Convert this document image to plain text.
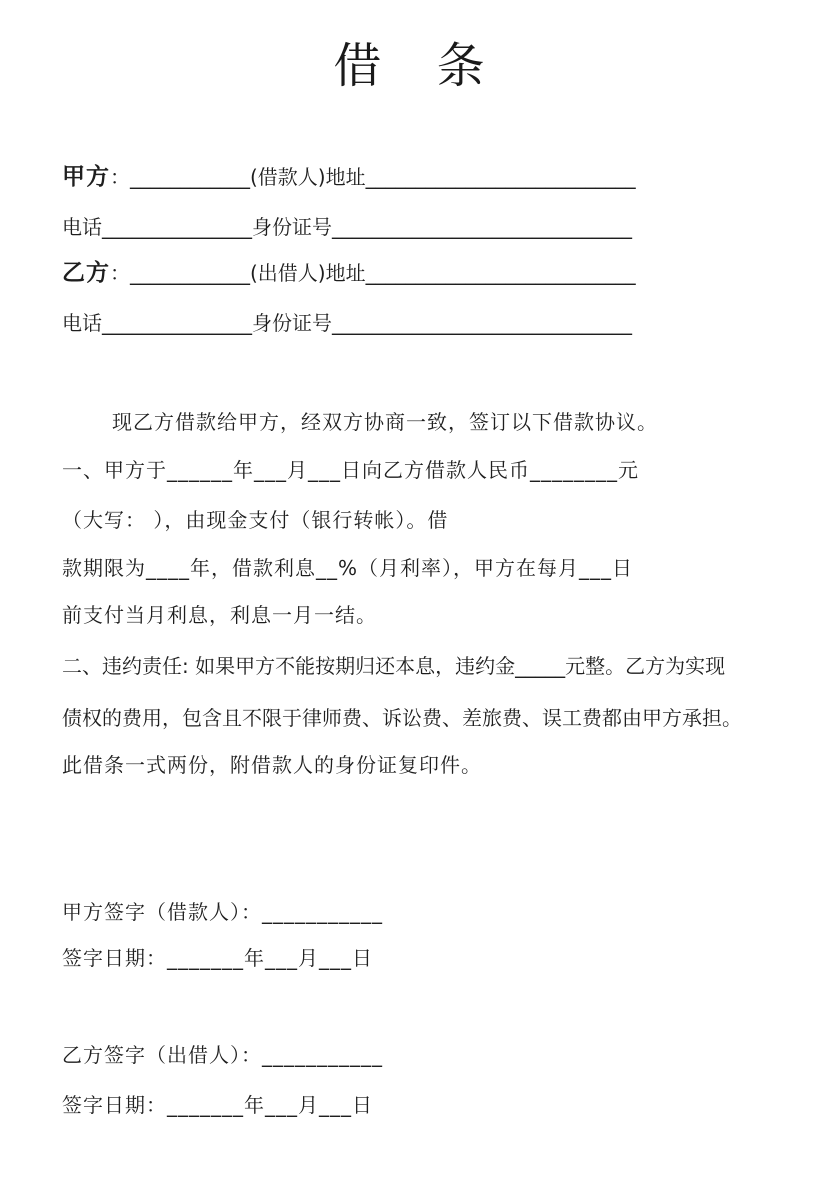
借 条
甲方：____________(借款人)地址___________________________
电话_______________身份证号______________________________
乙方：____________(出借人)地址___________________________
电话_______________身份证号______________________________
现乙方借款给甲方，经双方协商一致，签订以下借款协议。
一、甲方于______年___月___日向乙方借款人民币________元
（大写： ），由现金支付（银行转帐）。借
款期限为____年，借款利息__%（月利率），甲方在每月___日
前支付当月利息，利息一月一结。
二、违约责任: 如果甲方不能按期归还本息，违约金_____元整。乙方为实现
债权的费用，包含且不限于律师费、诉讼费、差旅费、误工费都由甲方承担。
此借条一式两份，附借款人的身份证复印件。
甲方签字（借款人）：___________
签字日期：_______年___月___日
乙方签字（出借人）：___________
签字日期：_______年___月___日
